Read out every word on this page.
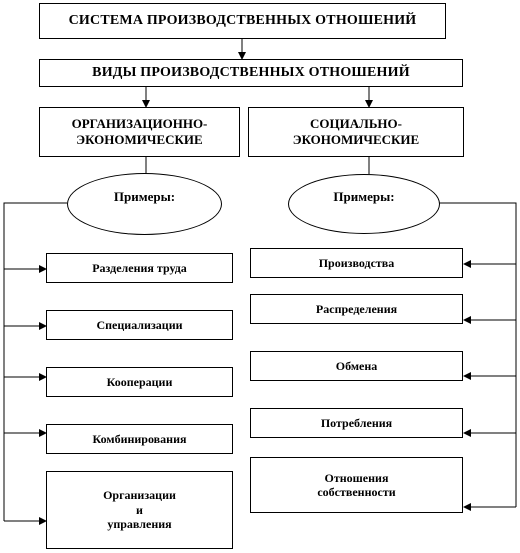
СИСТЕМА ПРОИЗВОДСТВЕННЫХ ОТНОШЕНИЙ
ВИДЫ ПРОИЗВОДСТВЕННЫХ ОТНОШЕНИЙ
ОРГАНИЗАЦИОННО-
ЭКОНОМИЧЕСКИЕ
СОЦИАЛЬНО-
ЭКОНОМИЧЕСКИЕ
Примеры:	Примеры:
Разделения труда
Специализации
Кооперации
Комбинирования
Организации
и
управления
Производства
Распределения
Обмена
Потребления
Отношения
собственности
